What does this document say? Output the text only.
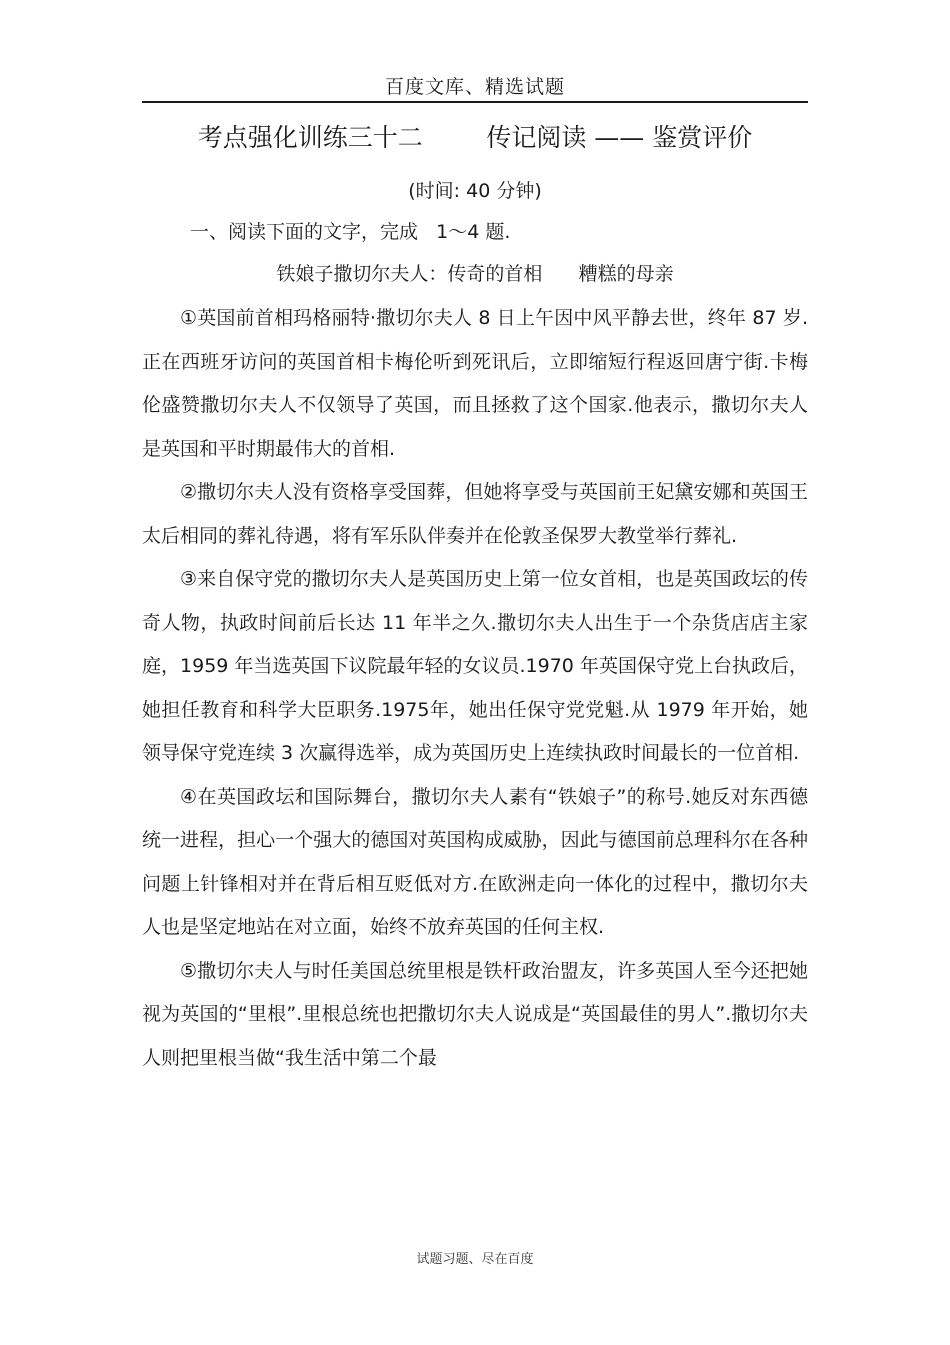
百度文库、精选试题
考点强化训练三十二        传记阅读 —— 鉴赏评价
(时间: 40 分钟)
一、阅读下面的文字，完成   1～4 题.
铁娘子撒切尔夫人：传奇的首相      糟糕的母亲

①英国前首相玛格丽特·撒切尔夫人 8 日上午因中风平静去世，终年 87 岁.正在西班牙访问的英国首相卡梅伦听到死讯后，立即缩短行程返回唐宁街.卡梅伦盛赞撒切尔夫人不仅领导了英国，而且拯救了这个国家.他表示，撒切尔夫人是英国和平时期最伟大的首相.

②撒切尔夫人没有资格享受国葬，但她将享受与英国前王妃黛安娜和英国王太后相同的葬礼待遇，将有军乐队伴奏并在伦敦圣保罗大教堂举行葬礼.

③来自保守党的撒切尔夫人是英国历史上第一位女首相，也是英国政坛的传奇人物，执政时间前后长达 11 年半之久.撒切尔夫人出生于一个杂货店店主家庭，1959 年当选英国下议院最年轻的女议员.1970 年英国保守党上台执政后，她担任教育和科学大臣职务.1975年，她出任保守党党魁.从 1979 年开始，她领导保守党连续 3 次赢得选举，成为英国历史上连续执政时间最长的一位首相.

④在英国政坛和国际舞台，撒切尔夫人素有“铁娘子”的称号.她反对东西德统一进程，担心一个强大的德国对英国构成威胁，因此与德国前总理科尔在各种问题上针锋相对并在背后相互贬低对方.在欧洲走向一体化的过程中，撒切尔夫人也是坚定地站在对立面，始终不放弃英国的任何主权.

⑤撒切尔夫人与时任美国总统里根是铁杆政治盟友，许多英国人至今还把她视为英国的“里根”.里根总统也把撒切尔夫人说成是“英国最佳的男人”.撒切尔夫人则把里根当做“我生活中第二个最

试题习题、尽在百度
